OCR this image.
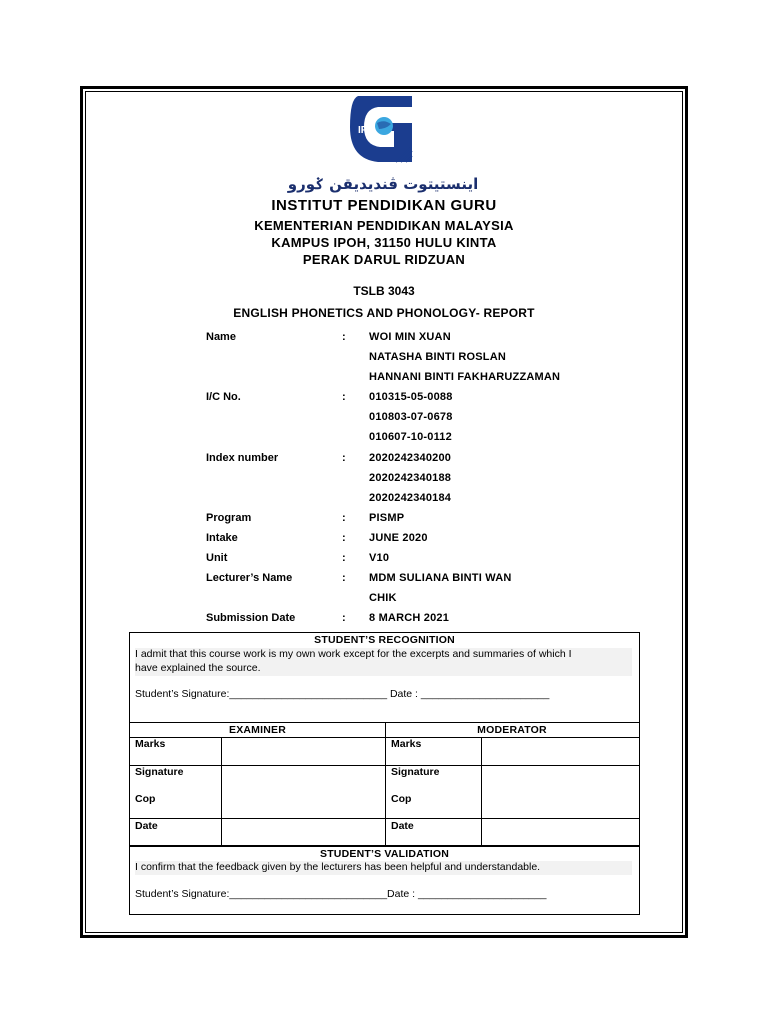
IPG
اينستيتوت ڤنديديقن ݢورو
INSTITUT PENDIDIKAN GURU
KEMENTERIAN PENDIDIKAN MALAYSIA
KAMPUS IPOH, 31150 HULU KINTA
PERAK DARUL RIDZUAN
TSLB 3043
ENGLISH PHONETICS AND PHONOLOGY- REPORT
Name	: WOI MIN XUAN
NATASHA BINTI ROSLAN
HANNANI BINTI FAKHARUZZAMAN
I/C No.	: 010315-05-0088
010803-07-0678
010607-10-0112
Index number	: 2020242340200
2020242340188
2020242340184
Program	: PISMP
Intake	: JUNE 2020
Unit	: V10
Lecturer’s Name	: MDM SULIANA BINTI WAN
CHIK
Submission Date	: 8 MARCH 2021
STUDENT’S RECOGNITION
I admit that this course work is my own work except for the excerpts and summaries of which I
have explained the source.
Student’s Signature:___________________________ Date : ______________________
EXAMINER	MODERATOR
Marks	Marks
Signature	Signature
Cop	Cop
Date	Date
STUDENT’S VALIDATION
I confirm that the feedback given by the lecturers has been helpful and understandable.
Student’s Signature:___________________________Date : ______________________
